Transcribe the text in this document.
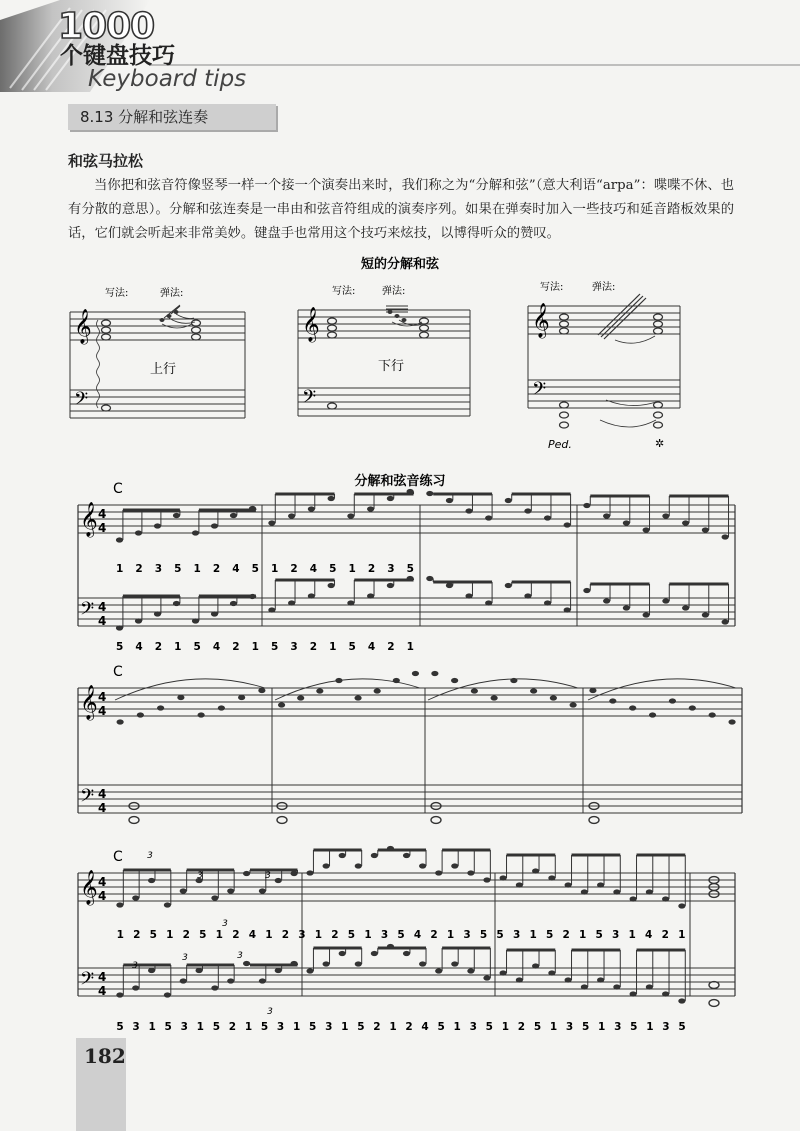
1000
个键盘技巧
Keyboard tips
8.13 分解和弦连奏
和弦马拉松
当你把和弦音符像竖琴一样一个接一个演奏出来时，我们称之为“分解和弦”（意大利语“arpa”：喋喋不休、也有分散的意思）。分解和弦连奏是一串由和弦音符组成的演奏序列。如果在弹奏时加入一些技巧和延音踏板效果的话，它们就会听起来非常美妙。键盘手也常用这个技巧来炫技，以博得听众的赞叹。
短的分解和弦
写法:	弹法:
𝄞
𝄢
上行
写法:	弹法:
𝄞
𝄢
下行
写法:	弹法:
𝄞
𝄢
Ped.	✲
分解和弦音练习
𝄞
𝄢
4
4
4
4
C
1 2 3 5 1 2 4 5 1 2 4 5 1 2 3 5
5 4 2 1 5 4 2 1 5 3 2 1 5 4 2 1
𝄞
𝄢
4
4
4
4
C
𝄞
𝄢
4
4
4
4
C	3
3
3
3
3
3	3
3
1 2 5 1 2 5 1 2 4 1 2 3 1 2 5 1 3 5 4 2 1 3 5 5 3 1 5 2 1 5 3 1 4 2 1
5 3 1 5 3 1 5 2 1 5 3 1 5 3 1 5 2 1 2 4 5 1 3 5 1 2 5 1 3 5 1 3 5 1 3 5
182
